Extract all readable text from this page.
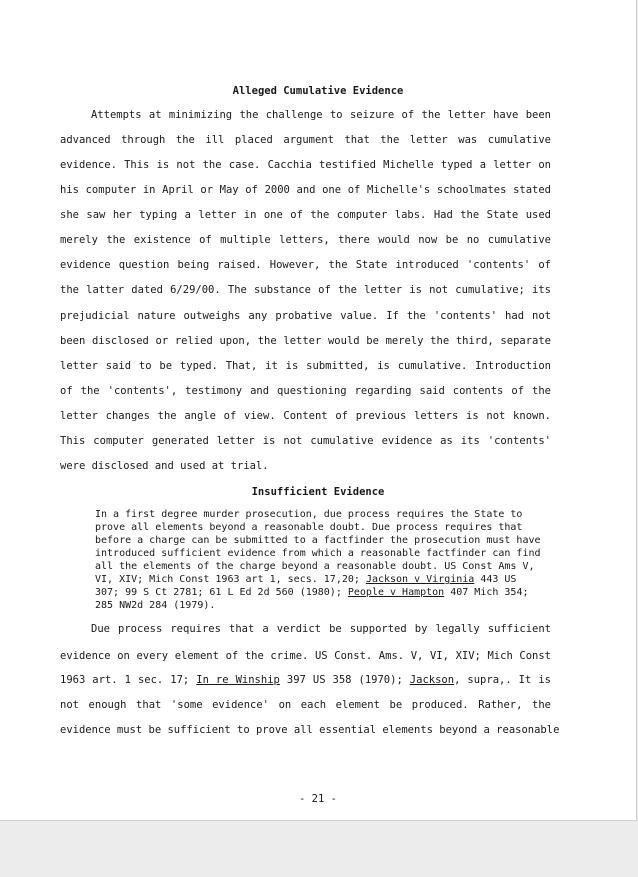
Alleged Cumulative Evidence
Attempts at minimizing the challenge to seizure of the letter have been
advanced through the ill placed argument that the letter was cumulative
evidence. This is not the case. Cacchia testified Michelle typed a letter on
his computer in April or May of 2000 and one of Michelle's schoolmates stated
she saw her typing a letter in one of the computer labs. Had the State used
merely the existence of multiple letters, there would now be no cumulative
evidence question being raised. However, the State introduced 'contents' of
the latter dated 6/29/00. The substance of the letter is not cumulative; its
prejudicial nature outweighs any probative value. If the 'contents' had not
been disclosed or relied upon, the letter would be merely the third, separate
letter said to be typed. That, it is submitted, is cumulative. Introduction
of the 'contents', testimony and questioning regarding said contents of the
letter changes the angle of view. Content of previous letters is not known.
This computer generated letter is not cumulative evidence as its 'contents'
were disclosed and used at trial.
Insufficient Evidence
In a first degree murder prosecution, due process requires the State to
prove all elements beyond a reasonable doubt. Due process requires that
before a charge can be submitted to a factfinder the prosecution must have
introduced sufficient evidence from which a reasonable factfinder can find
all the elements of the charge beyond a reasonable doubt. US Const Ams V,
VI, XIV; Mich Const 1963 art 1, secs. 17,20; Jackson v Virginia 443 US
307; 99 S Ct 2781; 61 L Ed 2d 560 (1980); People v Hampton 407 Mich 354;
285 NW2d 284 (1979).
Due process requires that a verdict be supported by legally sufficient
evidence on every element of the crime. US Const. Ams. V, VI, XIV; Mich Const
1963 art. 1 sec. 17; In re Winship 397 US 358 (1970); Jackson, supra,. It is
not enough that 'some evidence' on each element be produced. Rather, the
evidence must be sufficient to prove all essential elements beyond a reasonable
- 21 -
